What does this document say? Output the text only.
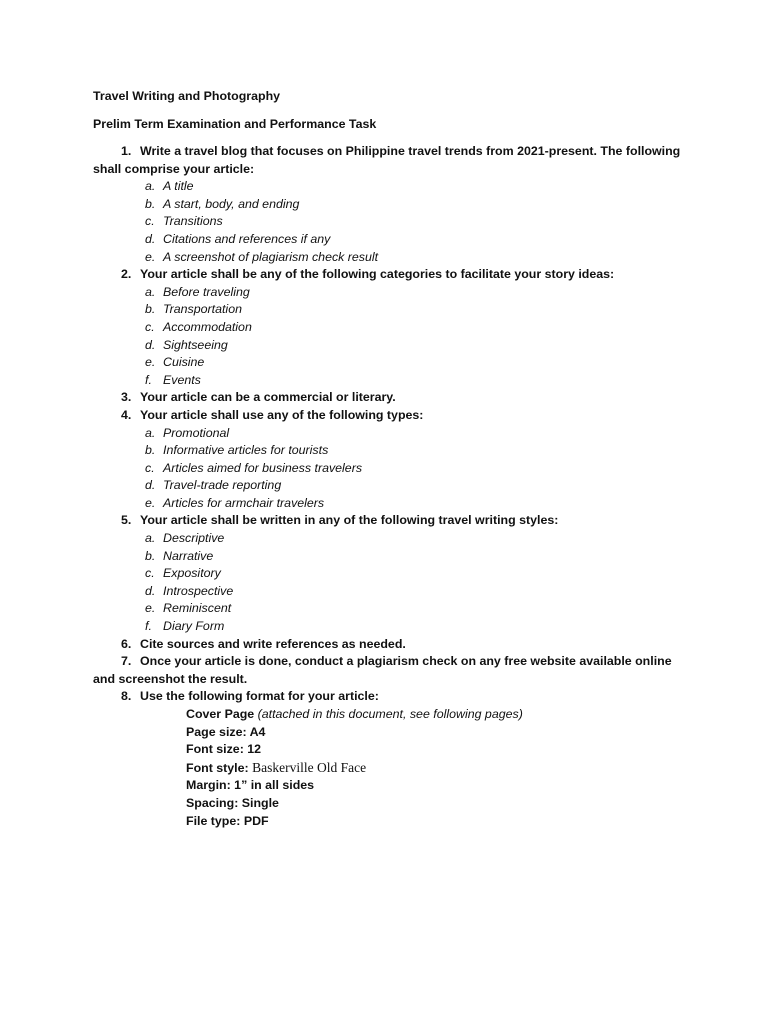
Travel Writing and Photography
Prelim Term Examination and Performance Task
1. Write a travel blog that focuses on Philippine travel trends from 2021-present. The following
shall comprise your article:
a. A title
b. A start, body, and ending
c. Transitions
d. Citations and references if any
e. A screenshot of plagiarism check result
2. Your article shall be any of the following categories to facilitate your story ideas:
a. Before traveling
b. Transportation
c. Accommodation
d. Sightseeing
e. Cuisine
f. Events
3. Your article can be a commercial or literary.
4. Your article shall use any of the following types:
a. Promotional
b. Informative articles for tourists
c. Articles aimed for business travelers
d. Travel-trade reporting
e. Articles for armchair travelers
5. Your article shall be written in any of the following travel writing styles:
a. Descriptive
b. Narrative
c. Expository
d. Introspective
e. Reminiscent
f. Diary Form
6. Cite sources and write references as needed.
7. Once your article is done, conduct a plagiarism check on any free website available online
and screenshot the result.
8. Use the following format for your article:
Cover Page (attached in this document, see following pages)
Page size: A4
Font size: 12
Font style: Baskerville Old Face
Margin: 1” in all sides
Spacing: Single
File type: PDF
